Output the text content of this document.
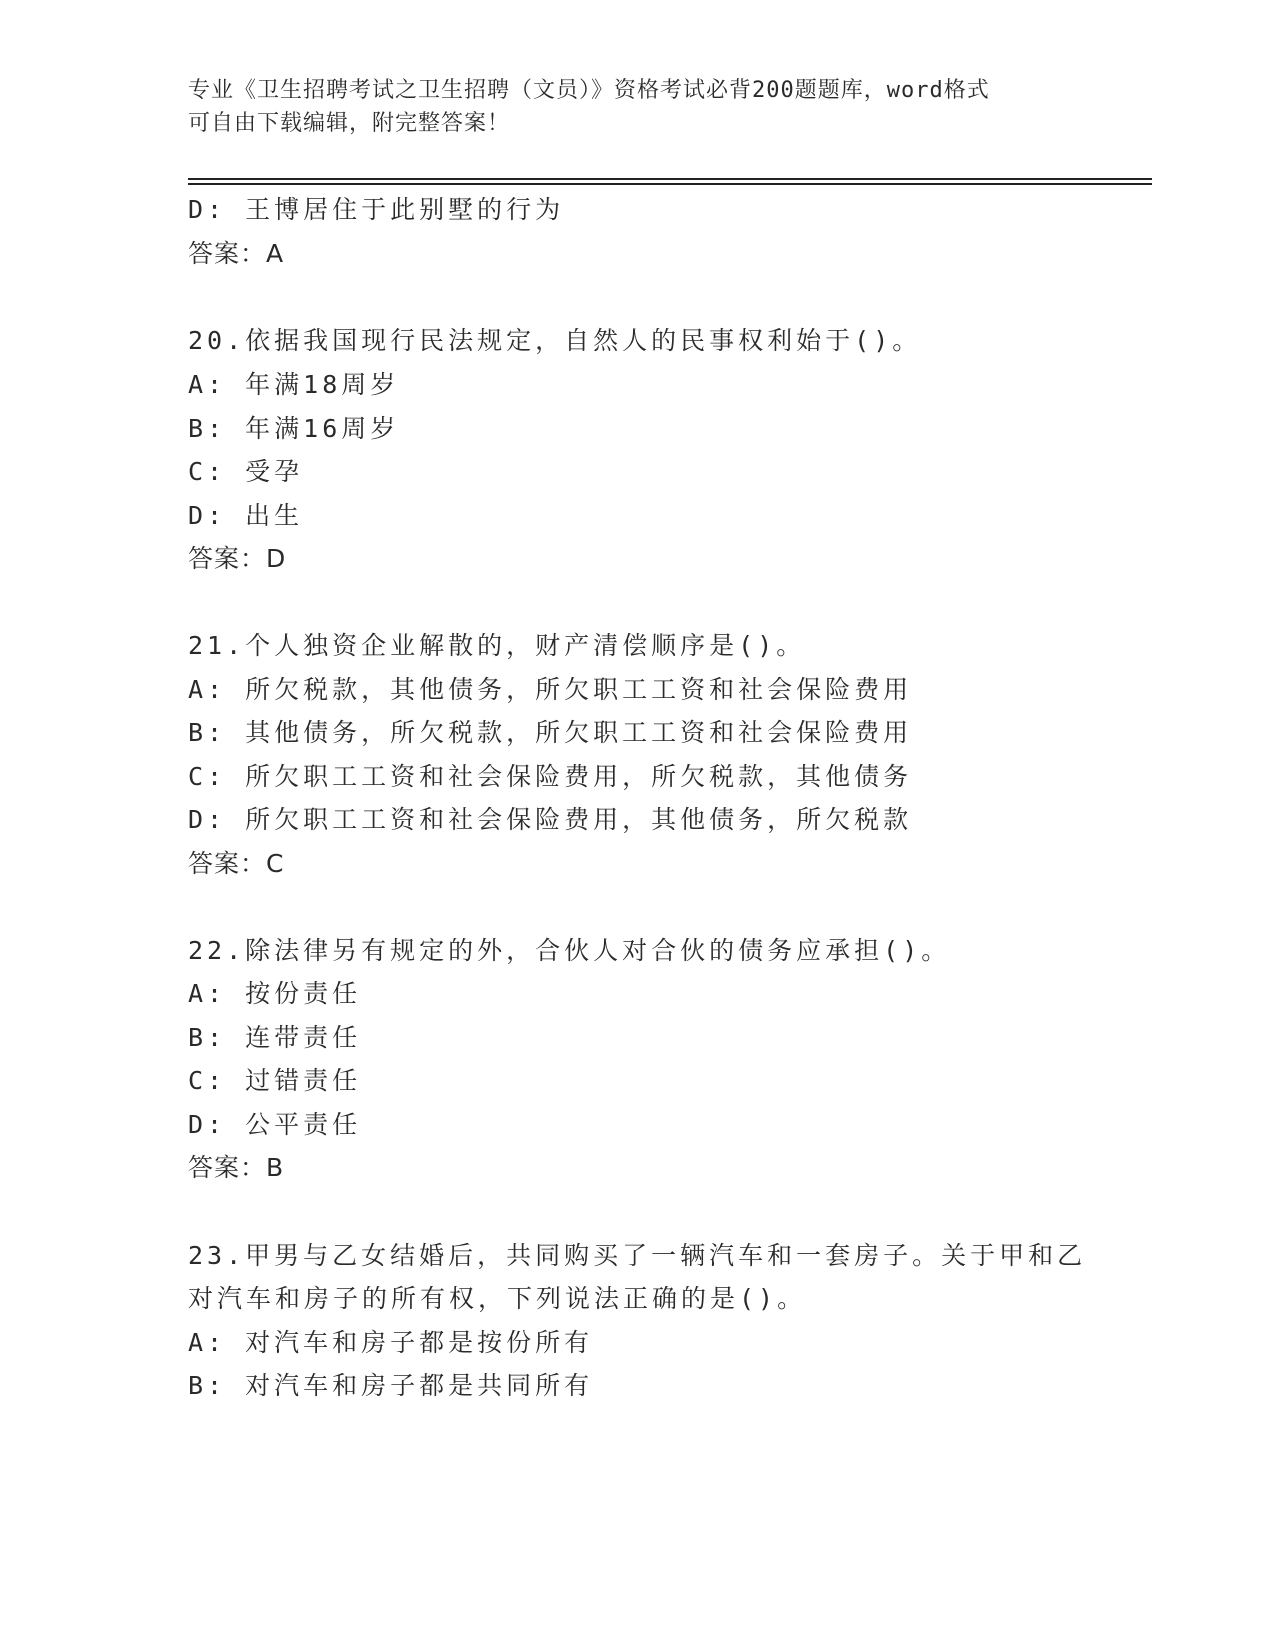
专业《卫生招聘考试之卫生招聘（文员）》资格考试必背200题题库，word格式
可自由下载编辑，附完整答案！
D: 王博居住于此别墅的行为
答案：A
20.依据我国现行民法规定，自然人的民事权利始于()。
A: 年满18周岁
B: 年满16周岁
C: 受孕
D: 出生
答案：D
21.个人独资企业解散的，财产清偿顺序是()。
A: 所欠税款，其他债务，所欠职工工资和社会保险费用
B: 其他债务，所欠税款，所欠职工工资和社会保险费用
C: 所欠职工工资和社会保险费用，所欠税款，其他债务
D: 所欠职工工资和社会保险费用，其他债务，所欠税款
答案：C
22.除法律另有规定的外，合伙人对合伙的债务应承担()。
A: 按份责任
B: 连带责任
C: 过错责任
D: 公平责任
答案：B
23.甲男与乙女结婚后，共同购买了一辆汽车和一套房子。关于甲和乙
对汽车和房子的所有权，下列说法正确的是()。
A: 对汽车和房子都是按份所有
B: 对汽车和房子都是共同所有
